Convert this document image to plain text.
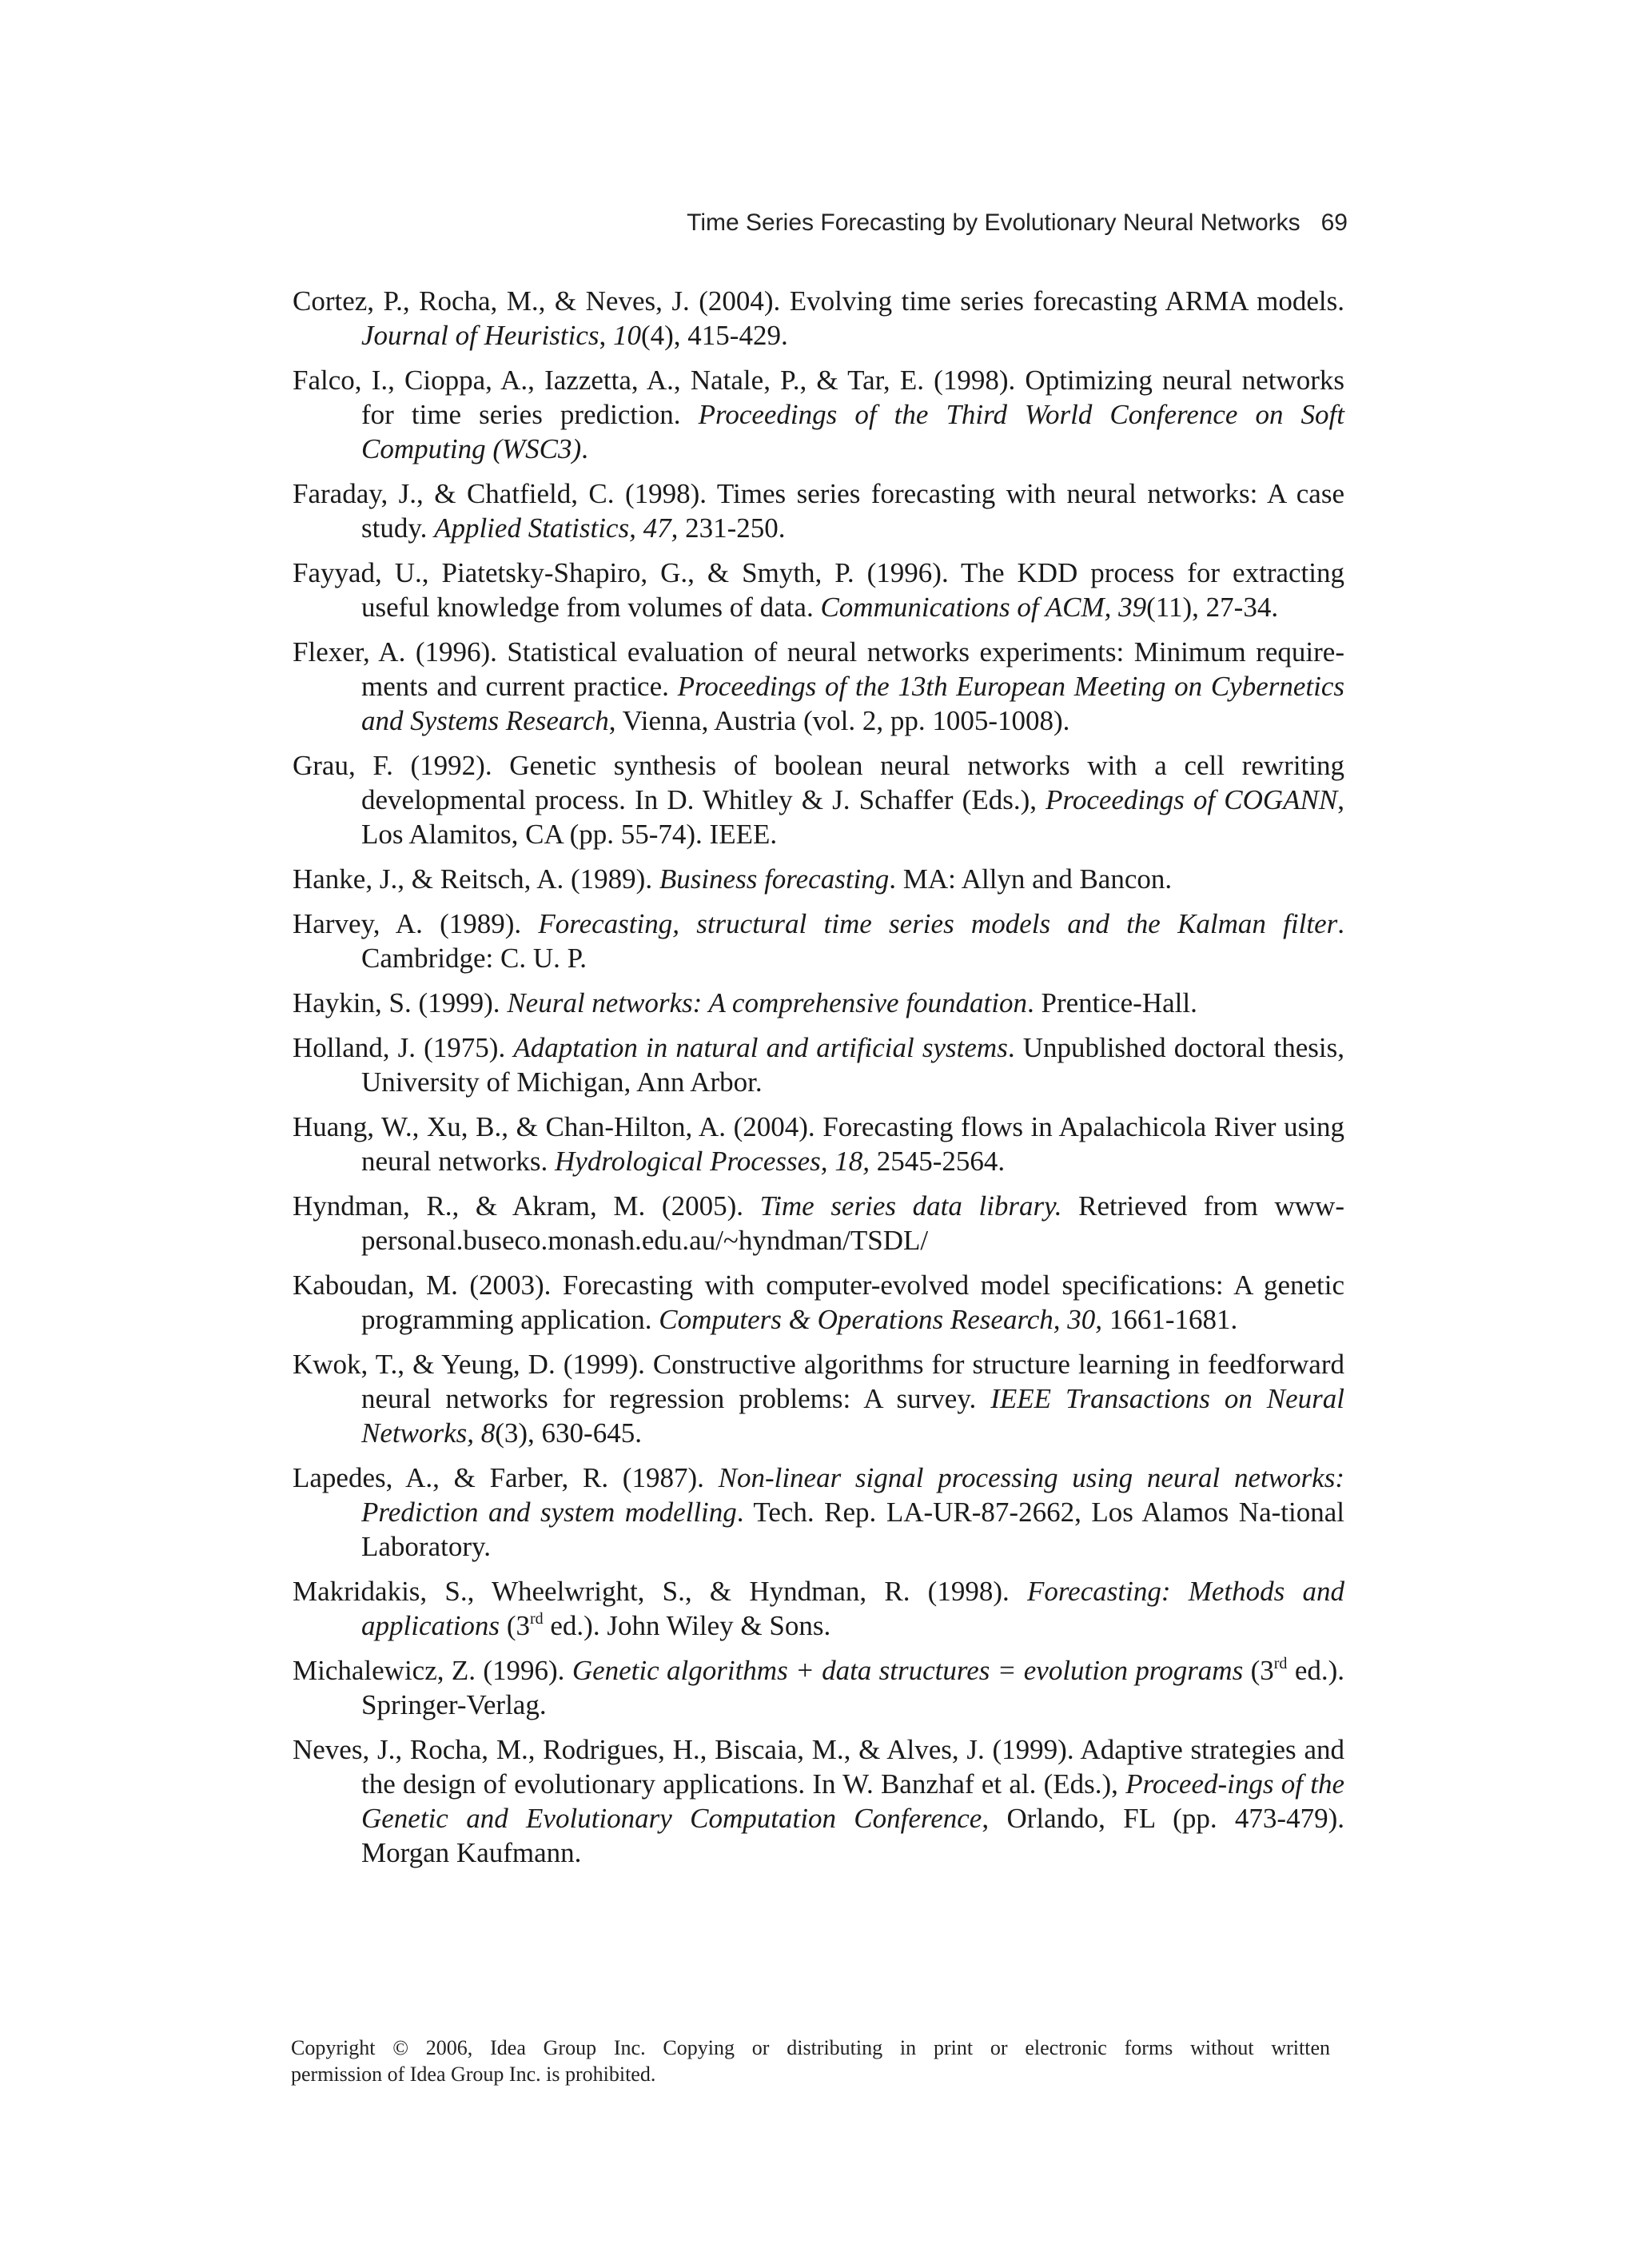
Time Series Forecasting by Evolutionary Neural Networks 69
Cortez, P., Rocha, M., & Neves, J. (2004). Evolving time series forecasting ARMA models. Journal of Heuristics, 10(4), 415-429.
Falco, I., Cioppa, A., Iazzetta, A., Natale, P., & Tar, E. (1998). Optimizing neural networks for time series prediction. Proceedings of the Third World Conference on Soft Computing (WSC3).
Faraday, J., & Chatfield, C. (1998). Times series forecasting with neural networks: A case study. Applied Statistics, 47, 231-250.
Fayyad, U., Piatetsky-Shapiro, G., & Smyth, P. (1996). The KDD process for extracting useful knowledge from volumes of data. Communications of ACM, 39(11), 27-34.
Flexer, A. (1996). Statistical evaluation of neural networks experiments: Minimum require-ments and current practice. Proceedings of the 13th European Meeting on Cybernetics and Systems Research, Vienna, Austria (vol. 2, pp. 1005-1008).
Grau, F. (1992). Genetic synthesis of boolean neural networks with a cell rewriting developmental process. In D. Whitley & J. Schaffer (Eds.), Proceedings of COGANN, Los Alamitos, CA (pp. 55-74). IEEE.
Hanke, J., & Reitsch, A. (1989). Business forecasting. MA: Allyn and Bancon.
Harvey, A. (1989). Forecasting, structural time series models and the Kalman filter. Cambridge: C. U. P.
Haykin, S. (1999). Neural networks: A comprehensive foundation. Prentice-Hall.
Holland, J. (1975). Adaptation in natural and artificial systems. Unpublished doctoral thesis, University of Michigan, Ann Arbor.
Huang, W., Xu, B., & Chan-Hilton, A. (2004). Forecasting flows in Apalachicola River using neural networks. Hydrological Processes, 18, 2545-2564.
Hyndman, R., & Akram, M. (2005). Time series data library. Retrieved from www-personal.buseco.monash.edu.au/~hyndman/TSDL/
Kaboudan, M. (2003). Forecasting with computer-evolved model specifications: A genetic programming application. Computers & Operations Research, 30, 1661-1681.
Kwok, T., & Yeung, D. (1999). Constructive algorithms for structure learning in feedforward neural networks for regression problems: A survey. IEEE Transactions on Neural Networks, 8(3), 630-645.
Lapedes, A., & Farber, R. (1987). Non-linear signal processing using neural networks: Prediction and system modelling. Tech. Rep. LA-UR-87-2662, Los Alamos Na-tional Laboratory.
Makridakis, S., Wheelwright, S., & Hyndman, R. (1998). Forecasting: Methods and applications (3rd ed.). John Wiley & Sons.
Michalewicz, Z. (1996). Genetic algorithms + data structures = evolution programs (3rd ed.). Springer-Verlag.
Neves, J., Rocha, M., Rodrigues, H., Biscaia, M., & Alves, J. (1999). Adaptive strategies and the design of evolutionary applications. In W. Banzhaf et al. (Eds.), Proceed-ings of the Genetic and Evolutionary Computation Conference, Orlando, FL (pp. 473-479). Morgan Kaufmann.
Copyright © 2006, Idea Group Inc. Copying or distributing in print or electronic forms without written
permission of Idea Group Inc. is prohibited.
